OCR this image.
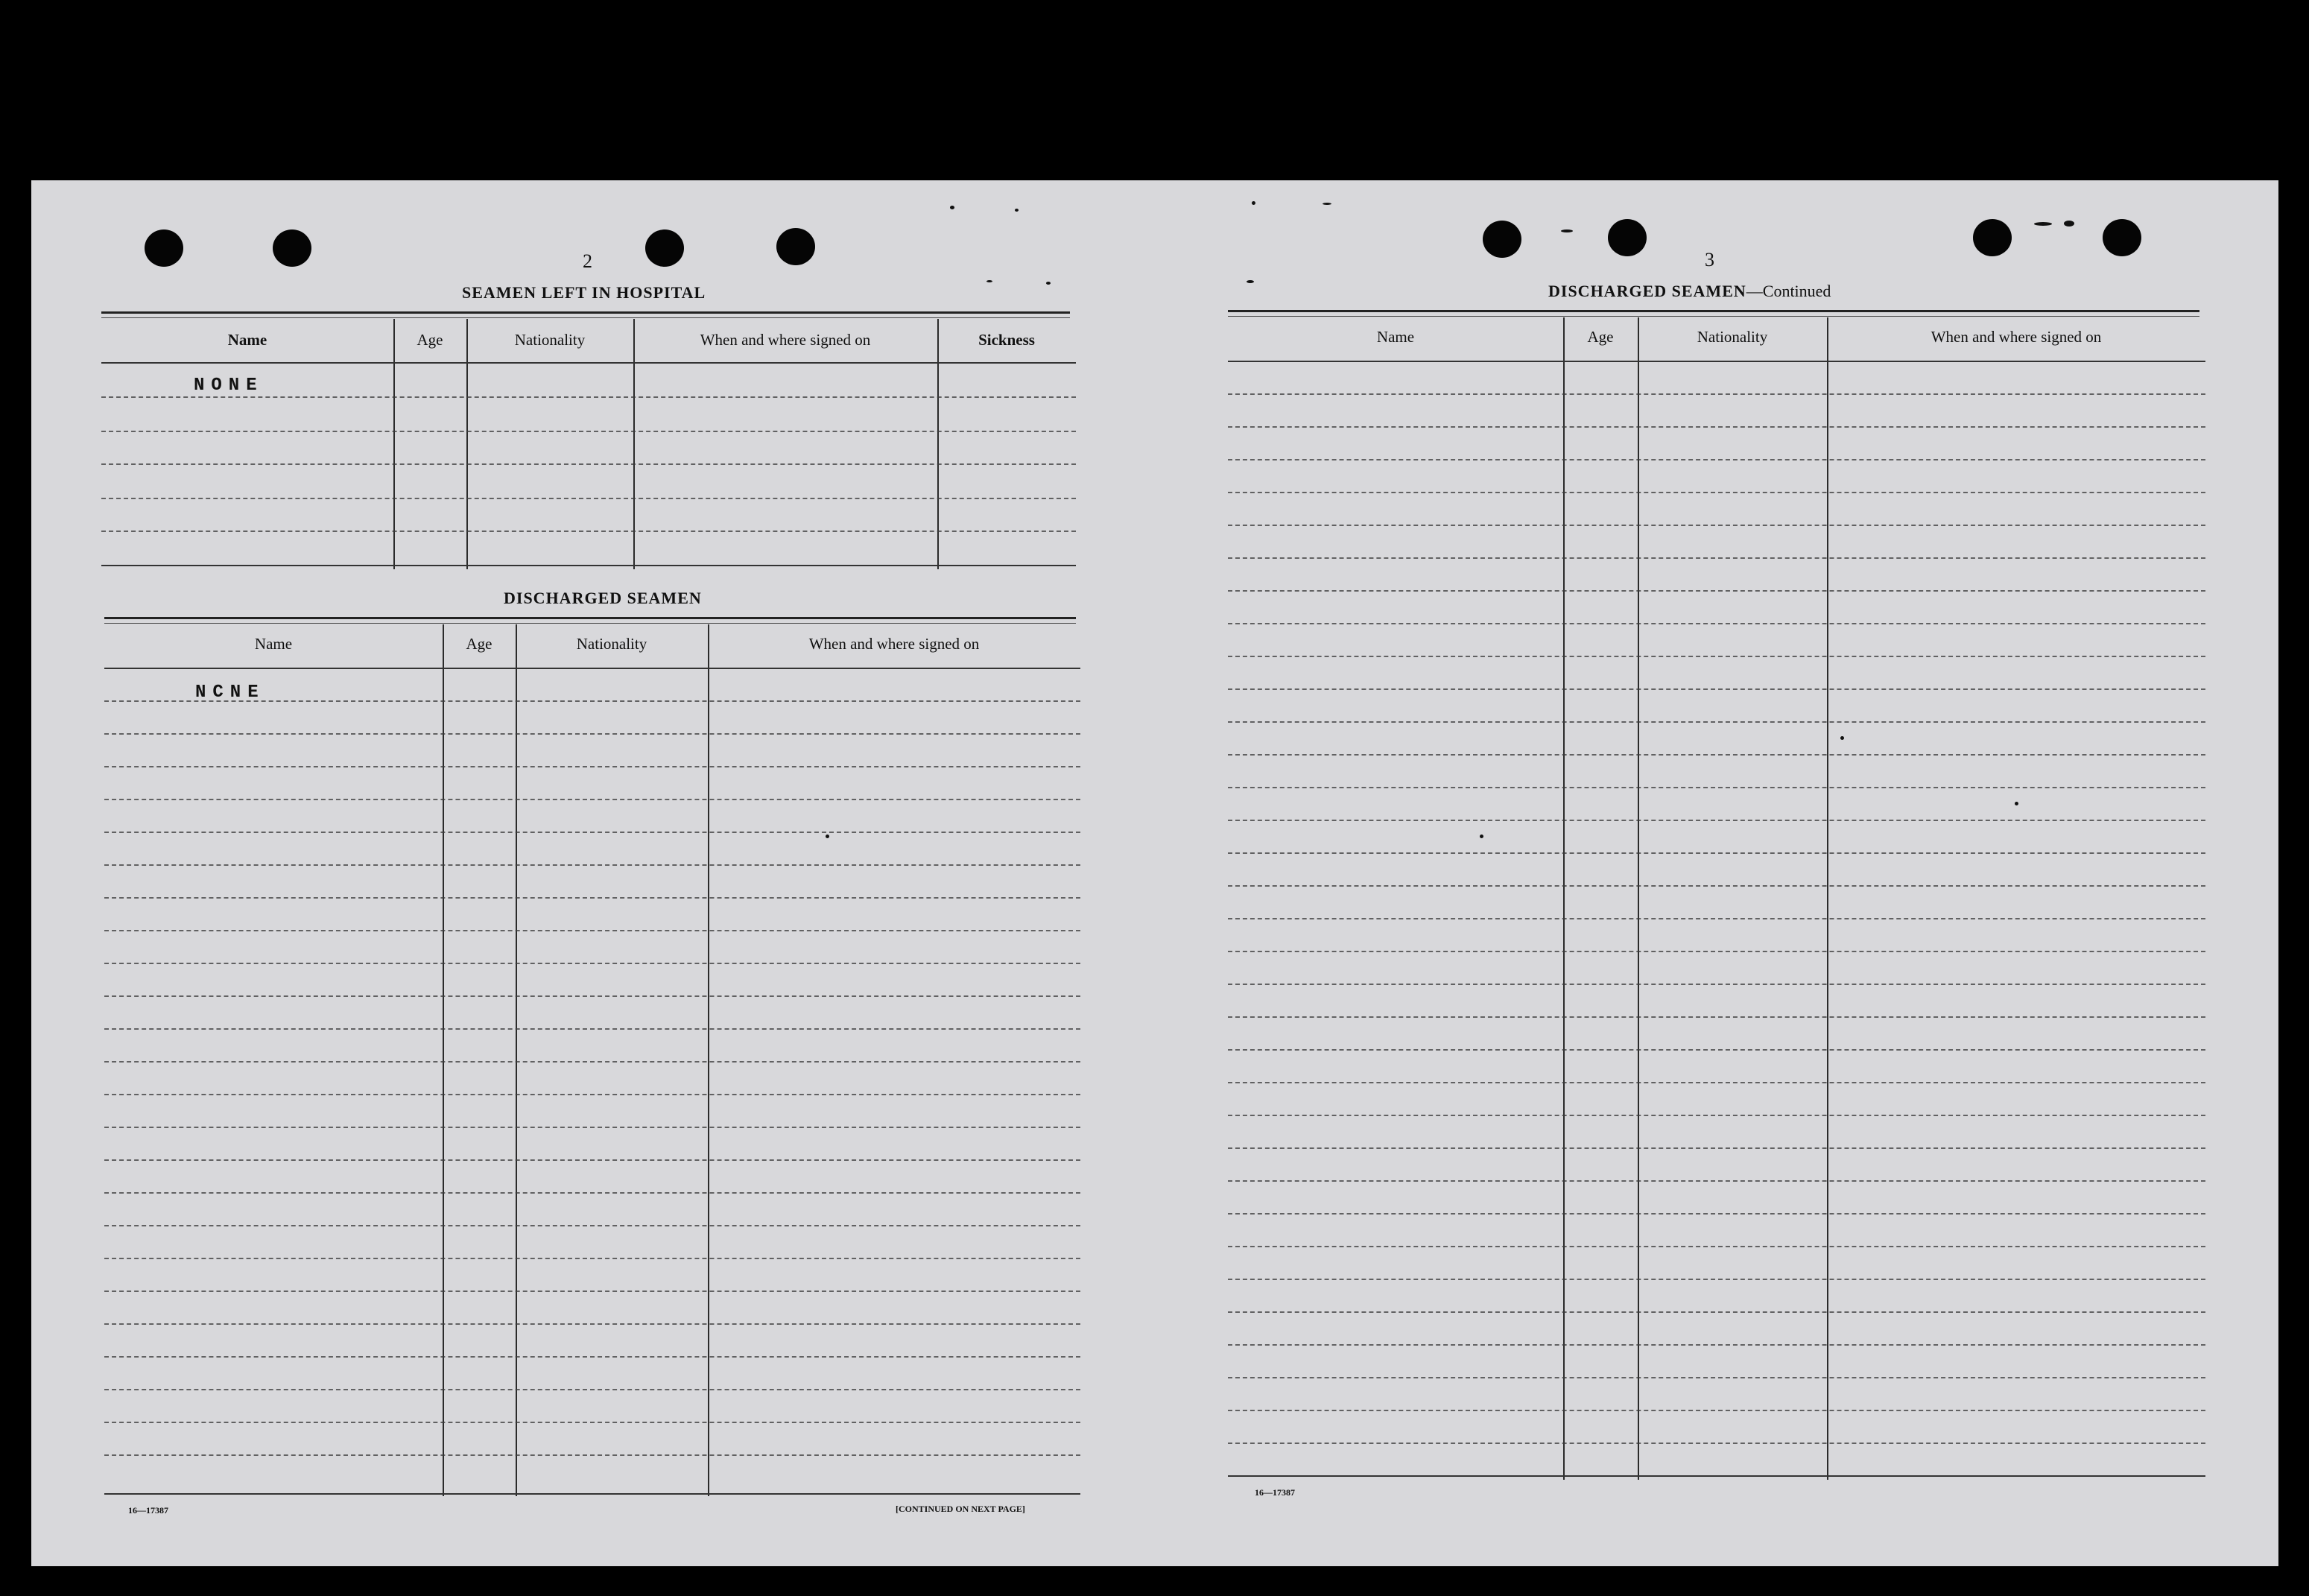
2
SEAMEN LEFT IN HOSPITAL
Name	Age	Nationality	When and where signed on	Sickness
NONE
DISCHARGED SEAMEN
Name	Age	Nationality	When and where signed on
NCNE
16—17387	[CONTINUED ON NEXT PAGE]
3
DISCHARGED SEAMEN—Continued
Name	Age	Nationality	When and where signed on
16—17387
